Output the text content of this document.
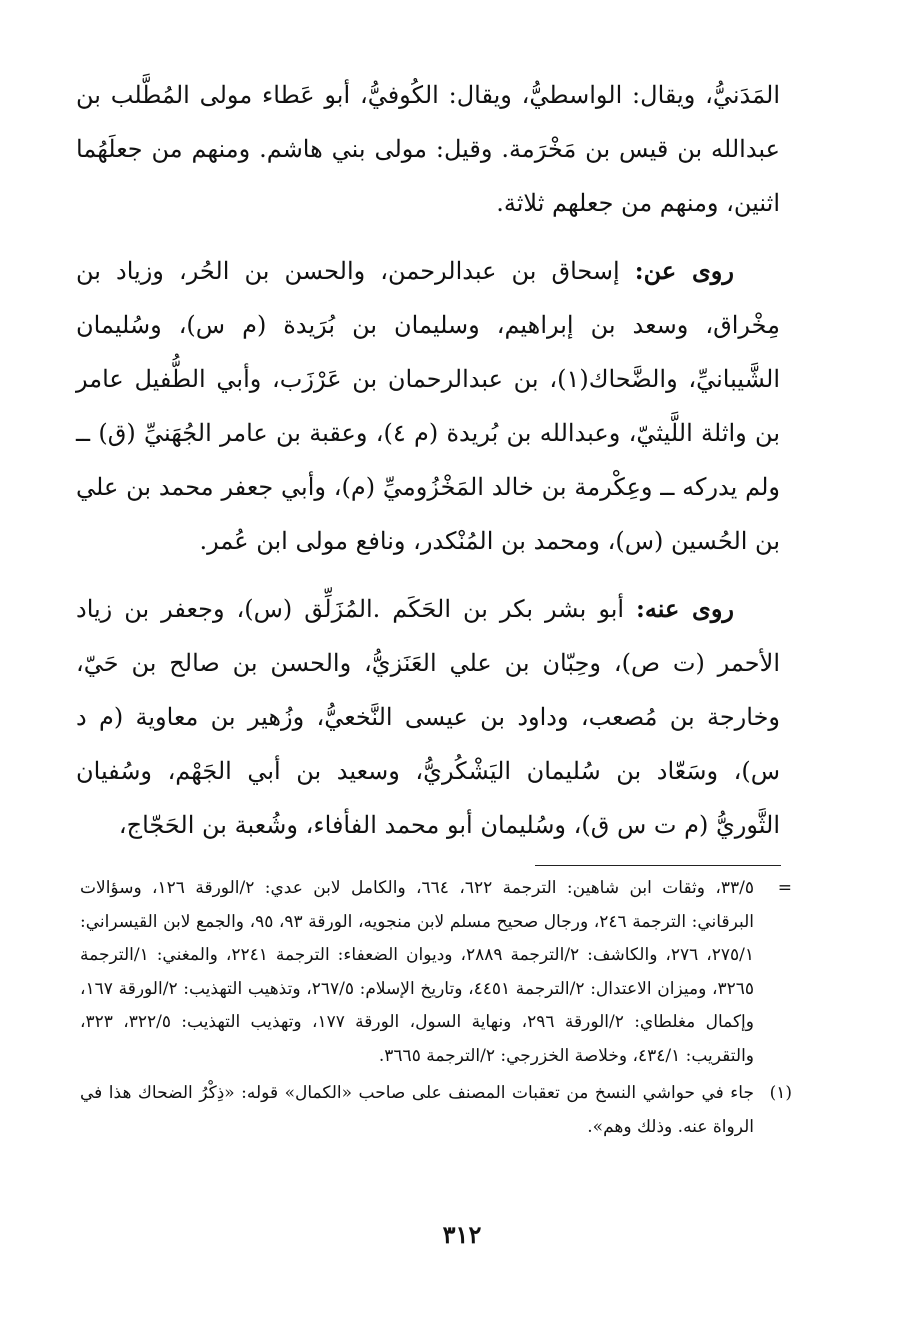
المَدَنيُّ، ويقال: الواسطيُّ، ويقال: الكُوفيُّ، أبو عَطاء مولى المُطَّلب بن عبدالله بن قيس بن مَخْرَمة. وقيل: مولى بني هاشم. ومنهم من جعلَهُما اثنين، ومنهم من جعلهم ثلاثة.

روى عن: إسحاق بن عبدالرحمن، والحسن بن الحُر، وزياد بن مِخْراق، وسعد بن إبراهيم، وسليمان بن بُرَيدة (م س)، وسُليمان الشَّيبانيِّ، والضَّحاك(١)، بن عبدالرحمان بن عَرْزَب، وأبي الطُّفيل عامر بن واثلة اللَّيثيّ، وعبدالله بن بُريدة (م ٤)، وعقبة بن عامر الجُهَنيِّ (ق) ــ ولم يدركه ــ وعِكْرمة بن خالد المَخْزُوميِّ (م)، وأبي جعفر محمد بن علي بن الحُسين (س)، ومحمد بن المُنْكدر، ونافع مولى ابن عُمر.

روى عنه: أبو بشر بكر بن الحَكَم .المُزَلِّق (س)، وجعفر بن زياد الأحمر (ت ص)، وحِبّان بن علي العَنَزيُّ، والحسن بن صالح بن حَيّ، وخارجة بن مُصعب، وداود بن عيسى النَّخعيُّ، وزُهير بن معاوية (م د س)، وسَعّاد بن سُليمان اليَشْكُريُّ، وسعيد بن أبي الجَهْم، وسُفيان الثَّوريُّ (م ت س ق)، وسُليمان أبو محمد الفأفاء، وشُعبة بن الحَجّاج،

=
٣٣/٥، وثقات ابن شاهين: الترجمة ٦٢٢، ٦٦٤، والكامل لابن عدي: ٢/الورقة ١٢٦، وسؤالات البرقاني: الترجمة ٢٤٦، ورجال صحيح مسلم لابن منجويه، الورقة ٩٣، ٩٥، والجمع لابن القيسراني: ٢٧٥/١، ٢٧٦، والكاشف: ٢/الترجمة ٢٨٨٩، وديوان الضعفاء: الترجمة ٢٢٤١، والمغني: ١/الترجمة ٣٢٦٥، وميزان الاعتدال: ٢/الترجمة ٤٤٥١، وتاريخ الإسلام: ٢٦٧/٥، وتذهيب التهذيب: ٢/الورقة ١٦٧، وإكمال مغلطاي: ٢/الورقة ٢٩٦، ونهاية السول، الورقة ١٧٧، وتهذيب التهذيب: ٣٢٢/٥، ٣٢٣، والتقريب: ٤٣٤/١، وخلاصة الخزرجي: ٢/الترجمة ٣٦٦٥.
(١)
جاء في حواشي النسخ من تعقبات المصنف على صاحب «الكمال» قوله: «ذِكْرُ الضحاك هذا في الرواة عنه. وذلك وهم».
٣١٢
